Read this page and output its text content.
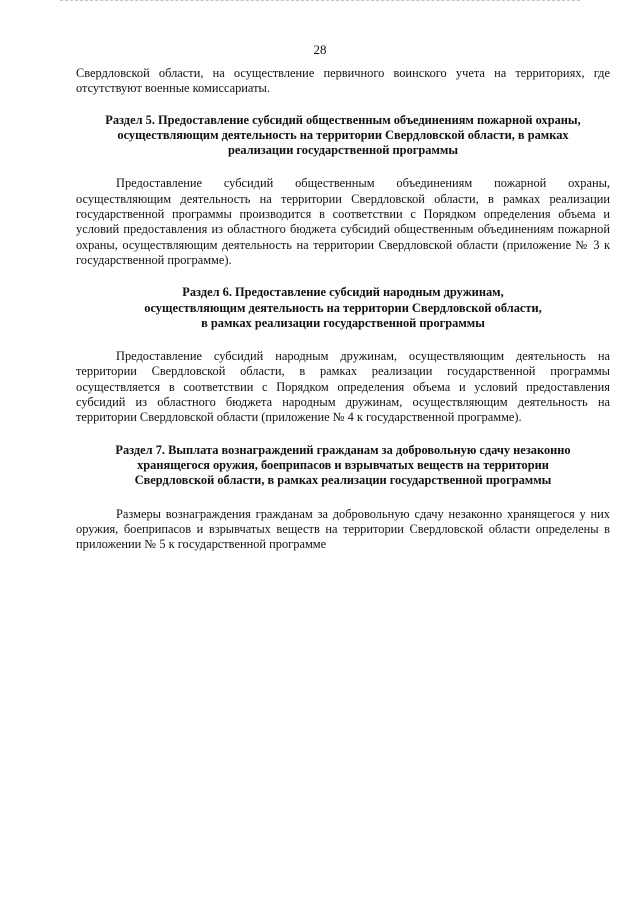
28

Свердловской области, на осуществление первичного воинского учета на территориях, где отсутствуют военные комиссариаты.

Раздел 5. Предоставление субсидий общественным объединениям пожарной охраны,
осуществляющим деятельность на территории Свердловской области, в рамках
реализации государственной программы

Предоставление субсидий общественным объединениям пожарной охраны, осуществляющим деятельность на территории Свердловской области, в рамках реализации государственной программы производится в соответствии с Порядком определения объема и условий предоставления из областного бюджета субсидий общественным объединениям пожарной охраны, осуществляющим деятельность на территории Свердловской области (приложение № 3 к государственной программе).

Раздел 6. Предоставление субсидий народным дружинам,
осуществляющим деятельность на территории Свердловской области,
в рамках реализации государственной программы

Предоставление субсидий народным дружинам, осуществляющим деятельность на территории Свердловской области, в рамках реализации государственной программы осуществляется в соответствии с Порядком определения объема и условий предоставления субсидий из областного бюджета народным дружинам, осуществляющим деятельность на территории Свердловской области (приложение № 4 к государственной программе).

Раздел 7. Выплата вознаграждений гражданам за добровольную сдачу незаконно
хранящегося оружия, боеприпасов и взрывчатых веществ на территории
Свердловской области, в рамках реализации государственной программы

Размеры вознаграждения гражданам за добровольную сдачу незаконно хранящегося у них оружия, боеприпасов и взрывчатых веществ на территории Свердловской области определены в приложении № 5 к государственной программе
